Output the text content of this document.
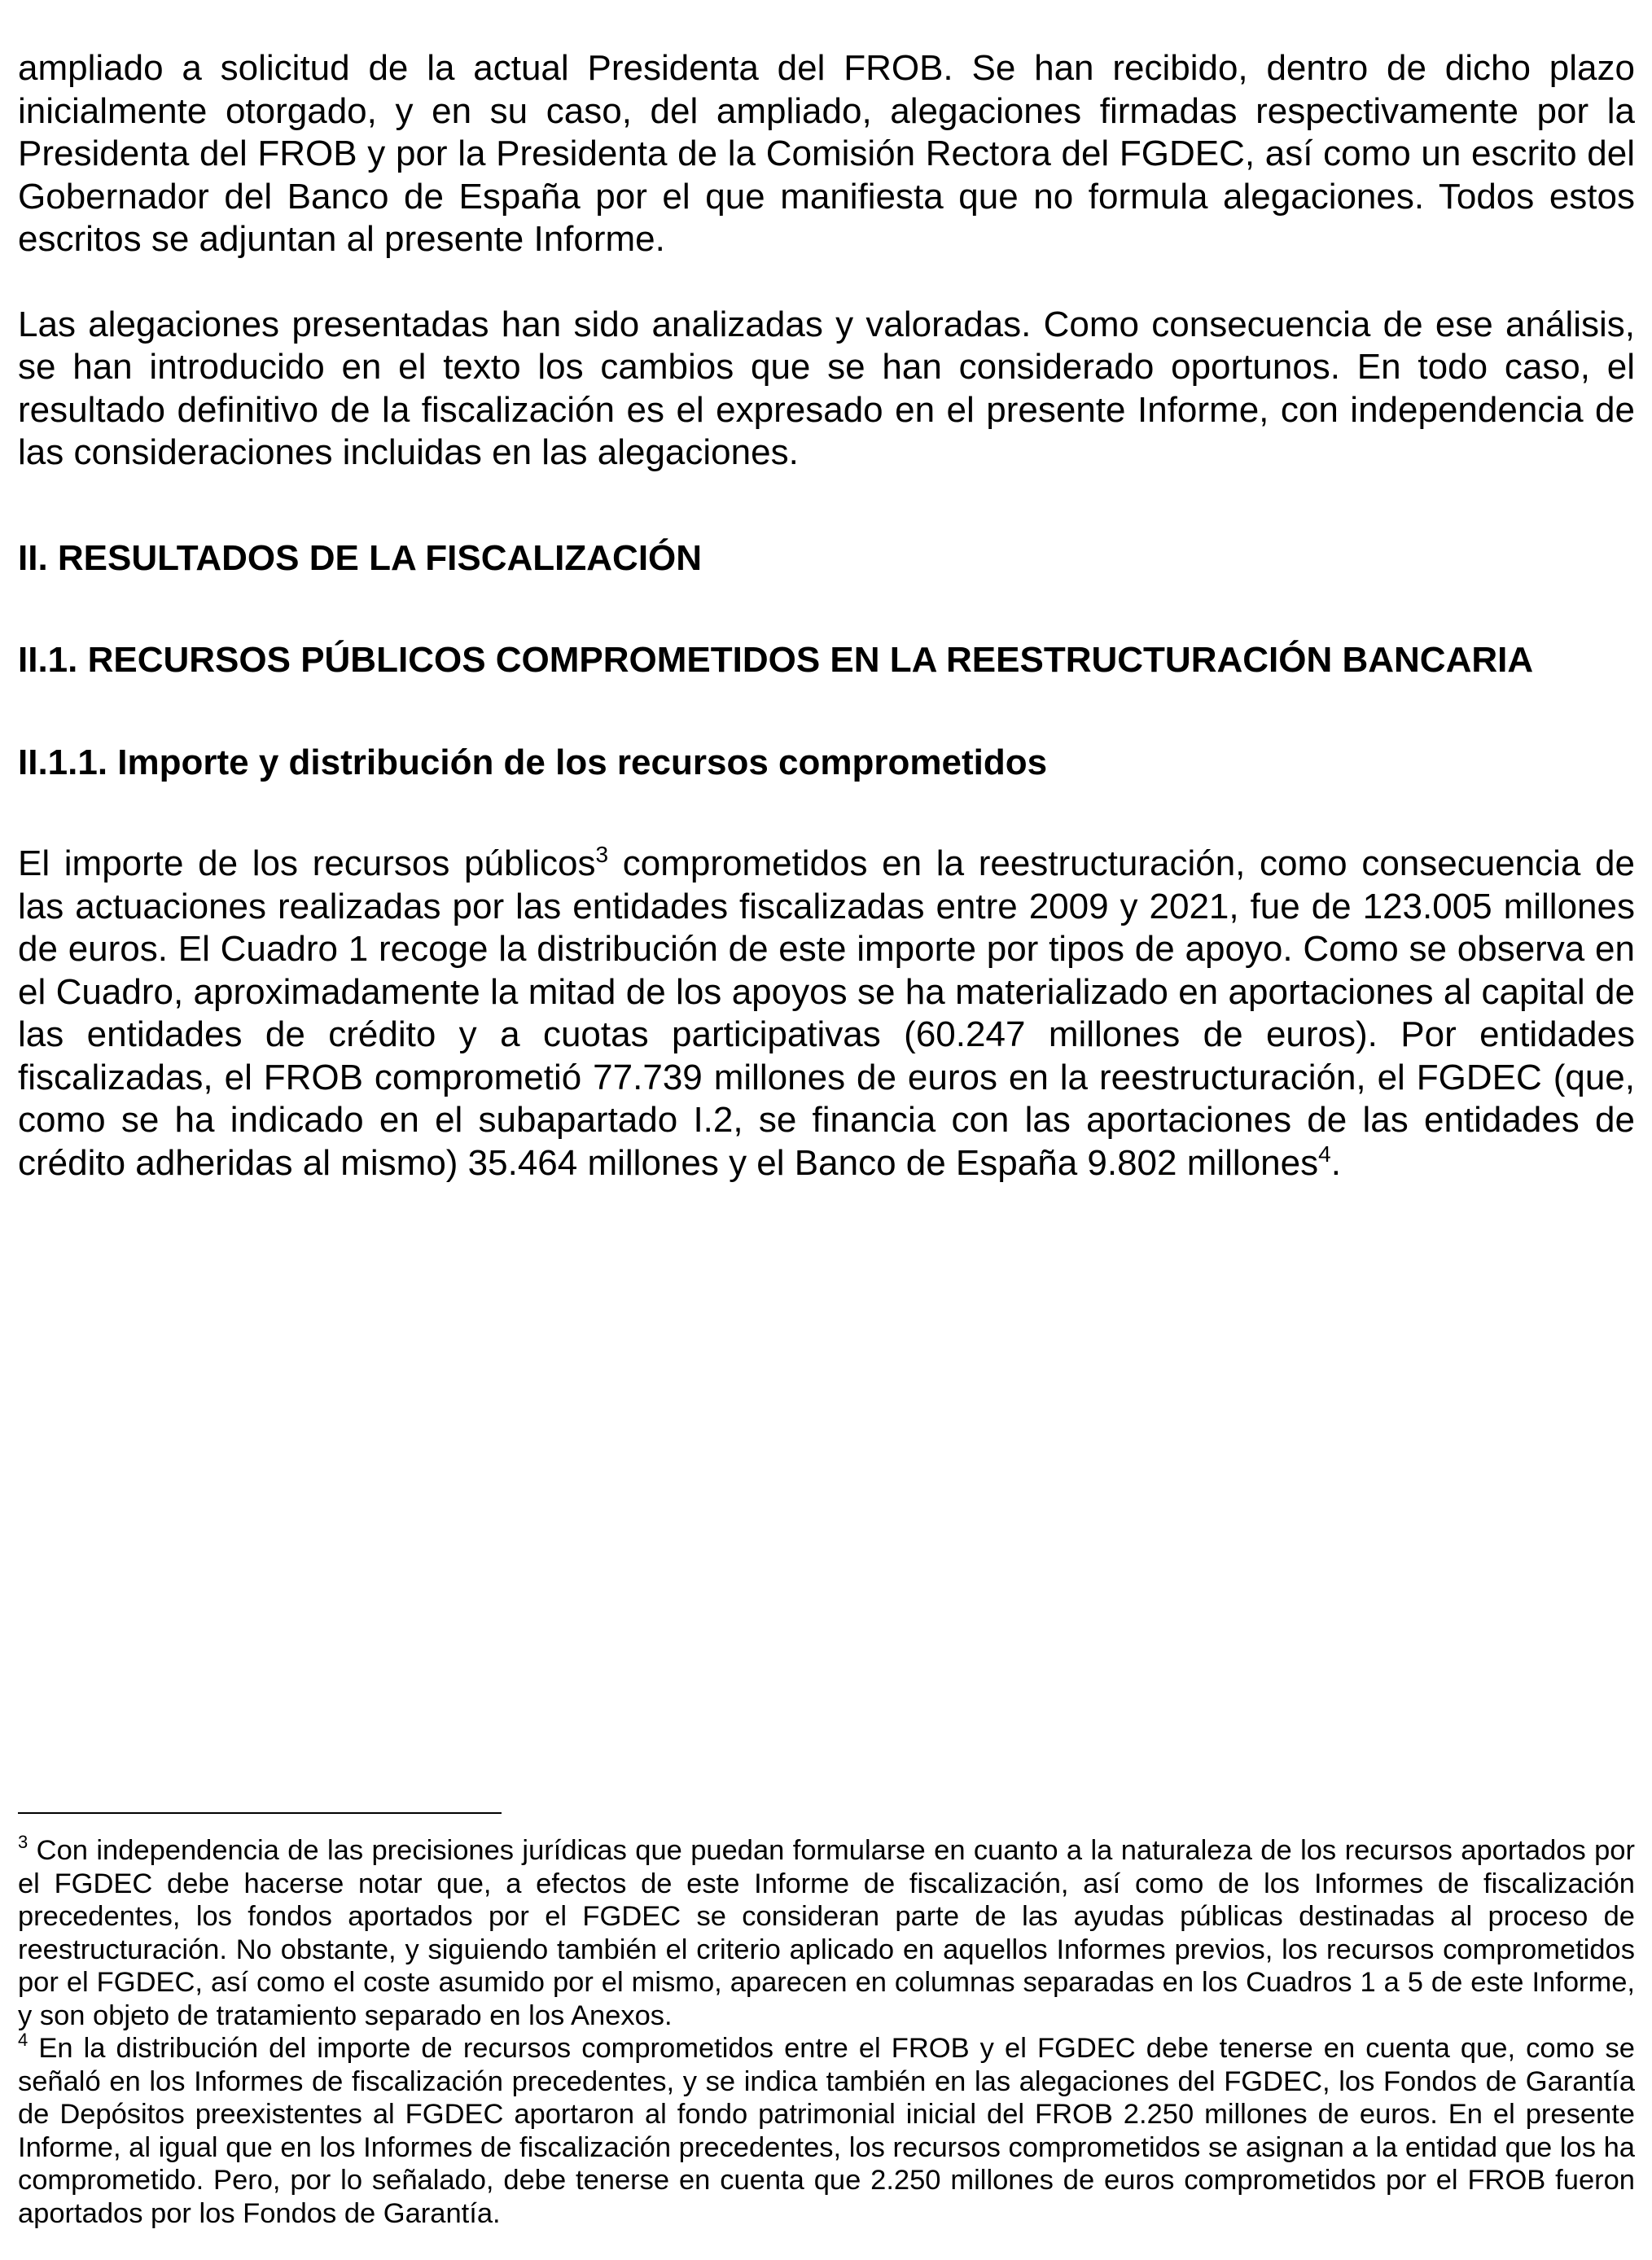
ampliado a solicitud de la actual Presidenta del FROB. Se han recibido, dentro de dicho plazo inicialmente otorgado, y en su caso, del ampliado, alegaciones firmadas respectivamente por la Presidenta del FROB y por la Presidenta de la Comisión Rectora del FGDEC, así como un escrito del Gobernador del Banco de España por el que manifiesta que no formula alegaciones. Todos estos escritos se adjuntan al presente Informe.

Las alegaciones presentadas han sido analizadas y valoradas. Como consecuencia de ese análisis, se han introducido en el texto los cambios que se han considerado oportunos. En todo caso, el resultado definitivo de la fiscalización es el expresado en el presente Informe, con independencia de las consideraciones incluidas en las alegaciones.

II. RESULTADOS DE LA FISCALIZACIÓN
II.1. RECURSOS PÚBLICOS COMPROMETIDOS EN LA REESTRUCTURACIÓN BANCARIA
II.1.1. Importe y distribución de los recursos comprometidos

El importe de los recursos públicos$^3$ comprometidos en la reestructuración, como consecuencia de las actuaciones realizadas por las entidades fiscalizadas entre 2009 y 2021, fue de 123.005 millones de euros. El Cuadro 1 recoge la distribución de este importe por tipos de apoyo. Como se observa en el Cuadro, aproximadamente la mitad de los apoyos se ha materializado en aportaciones al capital de las entidades de crédito y a cuotas participativas (60.247 millones de euros). Por entidades fiscalizadas, el FROB comprometió 77.739 millones de euros en la reestructuración, el FGDEC (que, como se ha indicado en el subapartado I.2, se financia con las aportaciones de las entidades de crédito adheridas al mismo) 35.464 millones y el Banco de España 9.802 millones$^4$.

$^3$ Con independencia de las precisiones jurídicas que puedan formularse en cuanto a la naturaleza de los recursos aportados por el FGDEC debe hacerse notar que, a efectos de este Informe de fiscalización, así como de los Informes de fiscalización precedentes, los fondos aportados por el FGDEC se consideran parte de las ayudas públicas destinadas al proceso de reestructuración. No obstante, y siguiendo también el criterio aplicado en aquellos Informes previos, los recursos comprometidos por el FGDEC, así como el coste asumido por el mismo, aparecen en columnas separadas en los Cuadros 1 a 5 de este Informe, y son objeto de tratamiento separado en los Anexos.

$^4$ En la distribución del importe de recursos comprometidos entre el FROB y el FGDEC debe tenerse en cuenta que, como se señaló en los Informes de fiscalización precedentes, y se indica también en las alegaciones del FGDEC, los Fondos de Garantía de Depósitos preexistentes al FGDEC aportaron al fondo patrimonial inicial del FROB 2.250 millones de euros. En el presente Informe, al igual que en los Informes de fiscalización precedentes, los recursos comprometidos se asignan a la entidad que los ha comprometido. Pero, por lo señalado, debe tenerse en cuenta que 2.250 millones de euros comprometidos por el FROB fueron aportados por los Fondos de Garantía.
